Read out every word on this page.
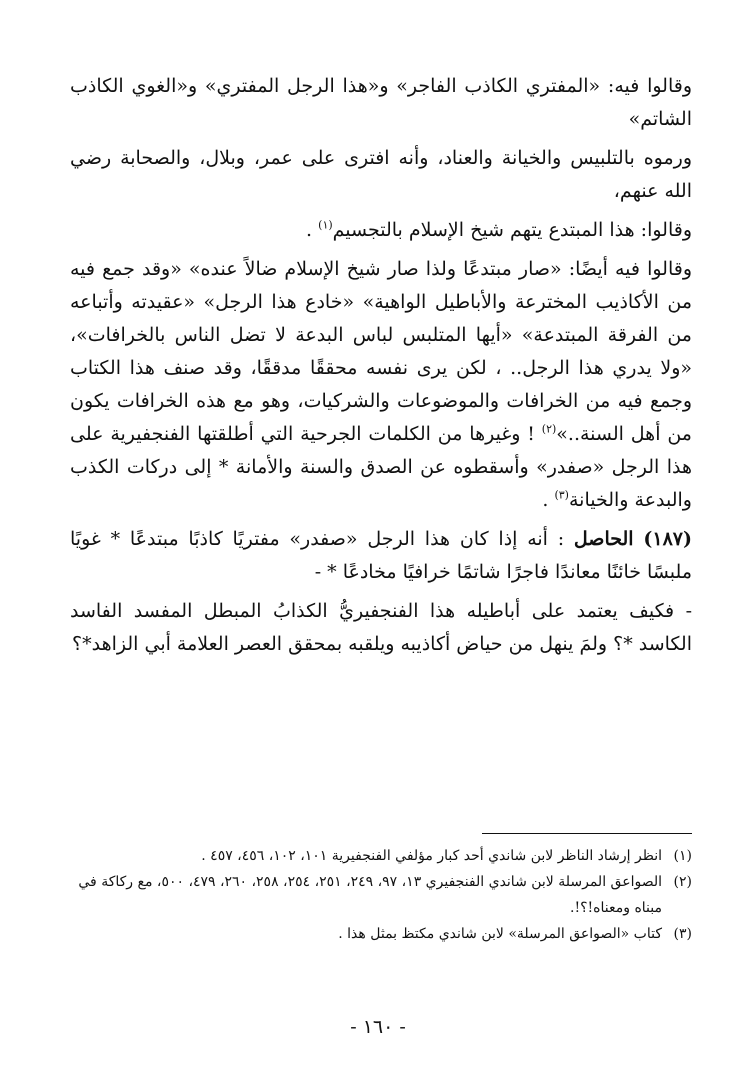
وقالوا فيه: «المفتري الكاذب الفاجر» و«هذا الرجل المفتري» و«الغوي الكاذب الشاتم»

ورموه بالتلبيس والخيانة والعناد، وأنه افترى على عمر، وبلال، والصحابة رضي الله عنهم،

وقالوا: هذا المبتدع يتهم شيخ الإسلام بالتجسيم$^{(١)}$ .

وقالوا فيه أيضًا: «صار مبتدعًا ولذا صار شيخ الإسلام ضالاً عنده» «وقد جمع فيه من الأكاذيب المخترعة والأباطيل الواهية» «خادع هذا الرجل» «عقيدته وأتباعه من الفرقة المبتدعة» «أيها المتلبس لباس البدعة لا تضل الناس بالخرافات»، «ولا يدري هذا الرجل.. ، لكن يرى نفسه محققًا مدققًا، وقد صنف هذا الكتاب وجمع فيه من الخرافات والموضوعات والشركيات، وهو مع هذه الخرافات يكون من أهل السنة..»$^{(٢)}$ ! وغيرها من الكلمات الجرحية التي أطلقتها الفنجفيرية على هذا الرجل «صفدر» وأسقطوه عن الصدق والسنة والأمانة * إلى دركات الكذب والبدعة والخيانة$^{(٣)}$ .

(١٨٧) الحاصل : أنه إذا كان هذا الرجل «صفدر» مفتريًا كاذبًا مبتدعًا * غويًا ملبسًا خائنًا معاندًا فاجرًا شاتمًا خرافيًا مخادعًا * -

- فكيف يعتمد على أباطيله هذا الفنجفيريُّ الكذابُ المبطل المفسد الفاسد الكاسد *؟ ولمَ ينهل من حياض أكاذيبه ويلقبه بمحقق العصر العلامة أبي الزاهد*؟

(١)
انظر إرشاد الناظر لابن شاندي أحد كبار مؤلفي الفنجفيرية ١٠١، ١٠٢، ٤٥٦، ٤٥٧ .

(٢)
الصواعق المرسلة لابن شاندي الفنجفيري ١٣، ٩٧، ٢٤٩، ٢٥١، ٢٥٤، ٢٥٨، ٢٦٠، ٤٧٩، ٥٠٠، مع ركاكة في مبناه ومعناه!؟!.

(٣)
كتاب «الصواعق المرسلة» لابن شاندي مكتظ بمثل هذا .

- ١٦٠ -
